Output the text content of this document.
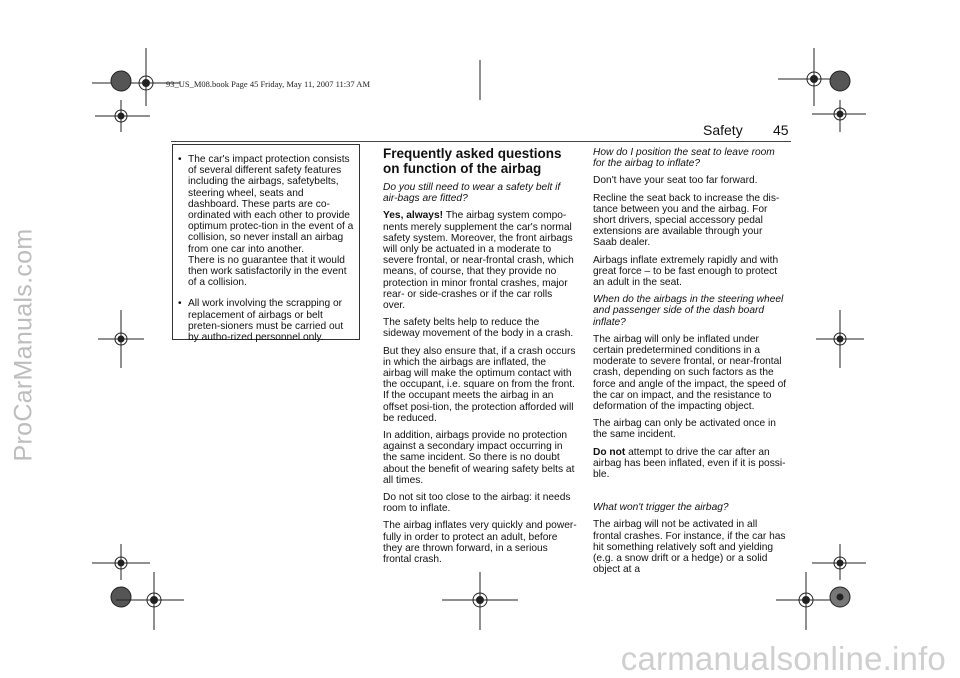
ProCarManuals.com
carmanualsonline.info
93_US_M08.book Page 45 Friday, May 11, 2007 11:37 AM
Safety 45
• The car's impact protection consists of several different safety features including the airbags, safetybelts, steering wheel, seats and dashboard. These parts are co-ordinated with each other to provide optimum protec-tion in the event of a collision, so never install an airbag from one car into another.
There is no guarantee that it would then work satisfactorily in the event of a collision.
• All work involving the scrapping or replacement of airbags or belt preten-sioners must be carried out by autho-rized personnel only.
Frequently asked questions on function of the airbag

Do you still need to wear a safety belt if air-bags are fitted?

Yes, always! The airbag system compo-nents merely supplement the car's normal safety system. Moreover, the front airbags will only be actuated in a moderate to severe frontal, or near-frontal crash, which means, of course, that they provide no protection in minor frontal crashes, major rear- or side-crashes or if the car rolls over.

The safety belts help to reduce the sideway movement of the body in a crash.

But they also ensure that, if a crash occurs in which the airbags are inflated, the airbag will make the optimum contact with the occupant, i.e. square on from the front. If the occupant meets the airbag in an offset posi-tion, the protection afforded will be reduced.

In addition, airbags provide no protection against a secondary impact occurring in the same incident. So there is no doubt about the benefit of wearing safety belts at all times.

Do not sit too close to the airbag: it needs room to inflate.

The airbag inflates very quickly and power-fully in order to protect an adult, before they are thrown forward, in a serious frontal crash.

How do I position the seat to leave room for the airbag to inflate?

Don't have your seat too far forward.

Recline the seat back to increase the dis-tance between you and the airbag. For short drivers, special accessory pedal extensions are available through your Saab dealer.

Airbags inflate extremely rapidly and with great force – to be fast enough to protect an adult in the seat.

When do the airbags in the steering wheel and passenger side of the dash board inflate?

The airbag will only be inflated under certain predetermined conditions in a moderate to severe frontal, or near-frontal crash, depending on such factors as the force and angle of the impact, the speed of the car on impact, and the resistance to deformation of the impacting object.

The airbag can only be activated once in the same incident.

Do not attempt to drive the car after an airbag has been inflated, even if it is possi-ble.

What won't trigger the airbag?

The airbag will not be activated in all frontal crashes. For instance, if the car has hit something relatively soft and yielding (e.g. a snow drift or a hedge) or a solid object at a
